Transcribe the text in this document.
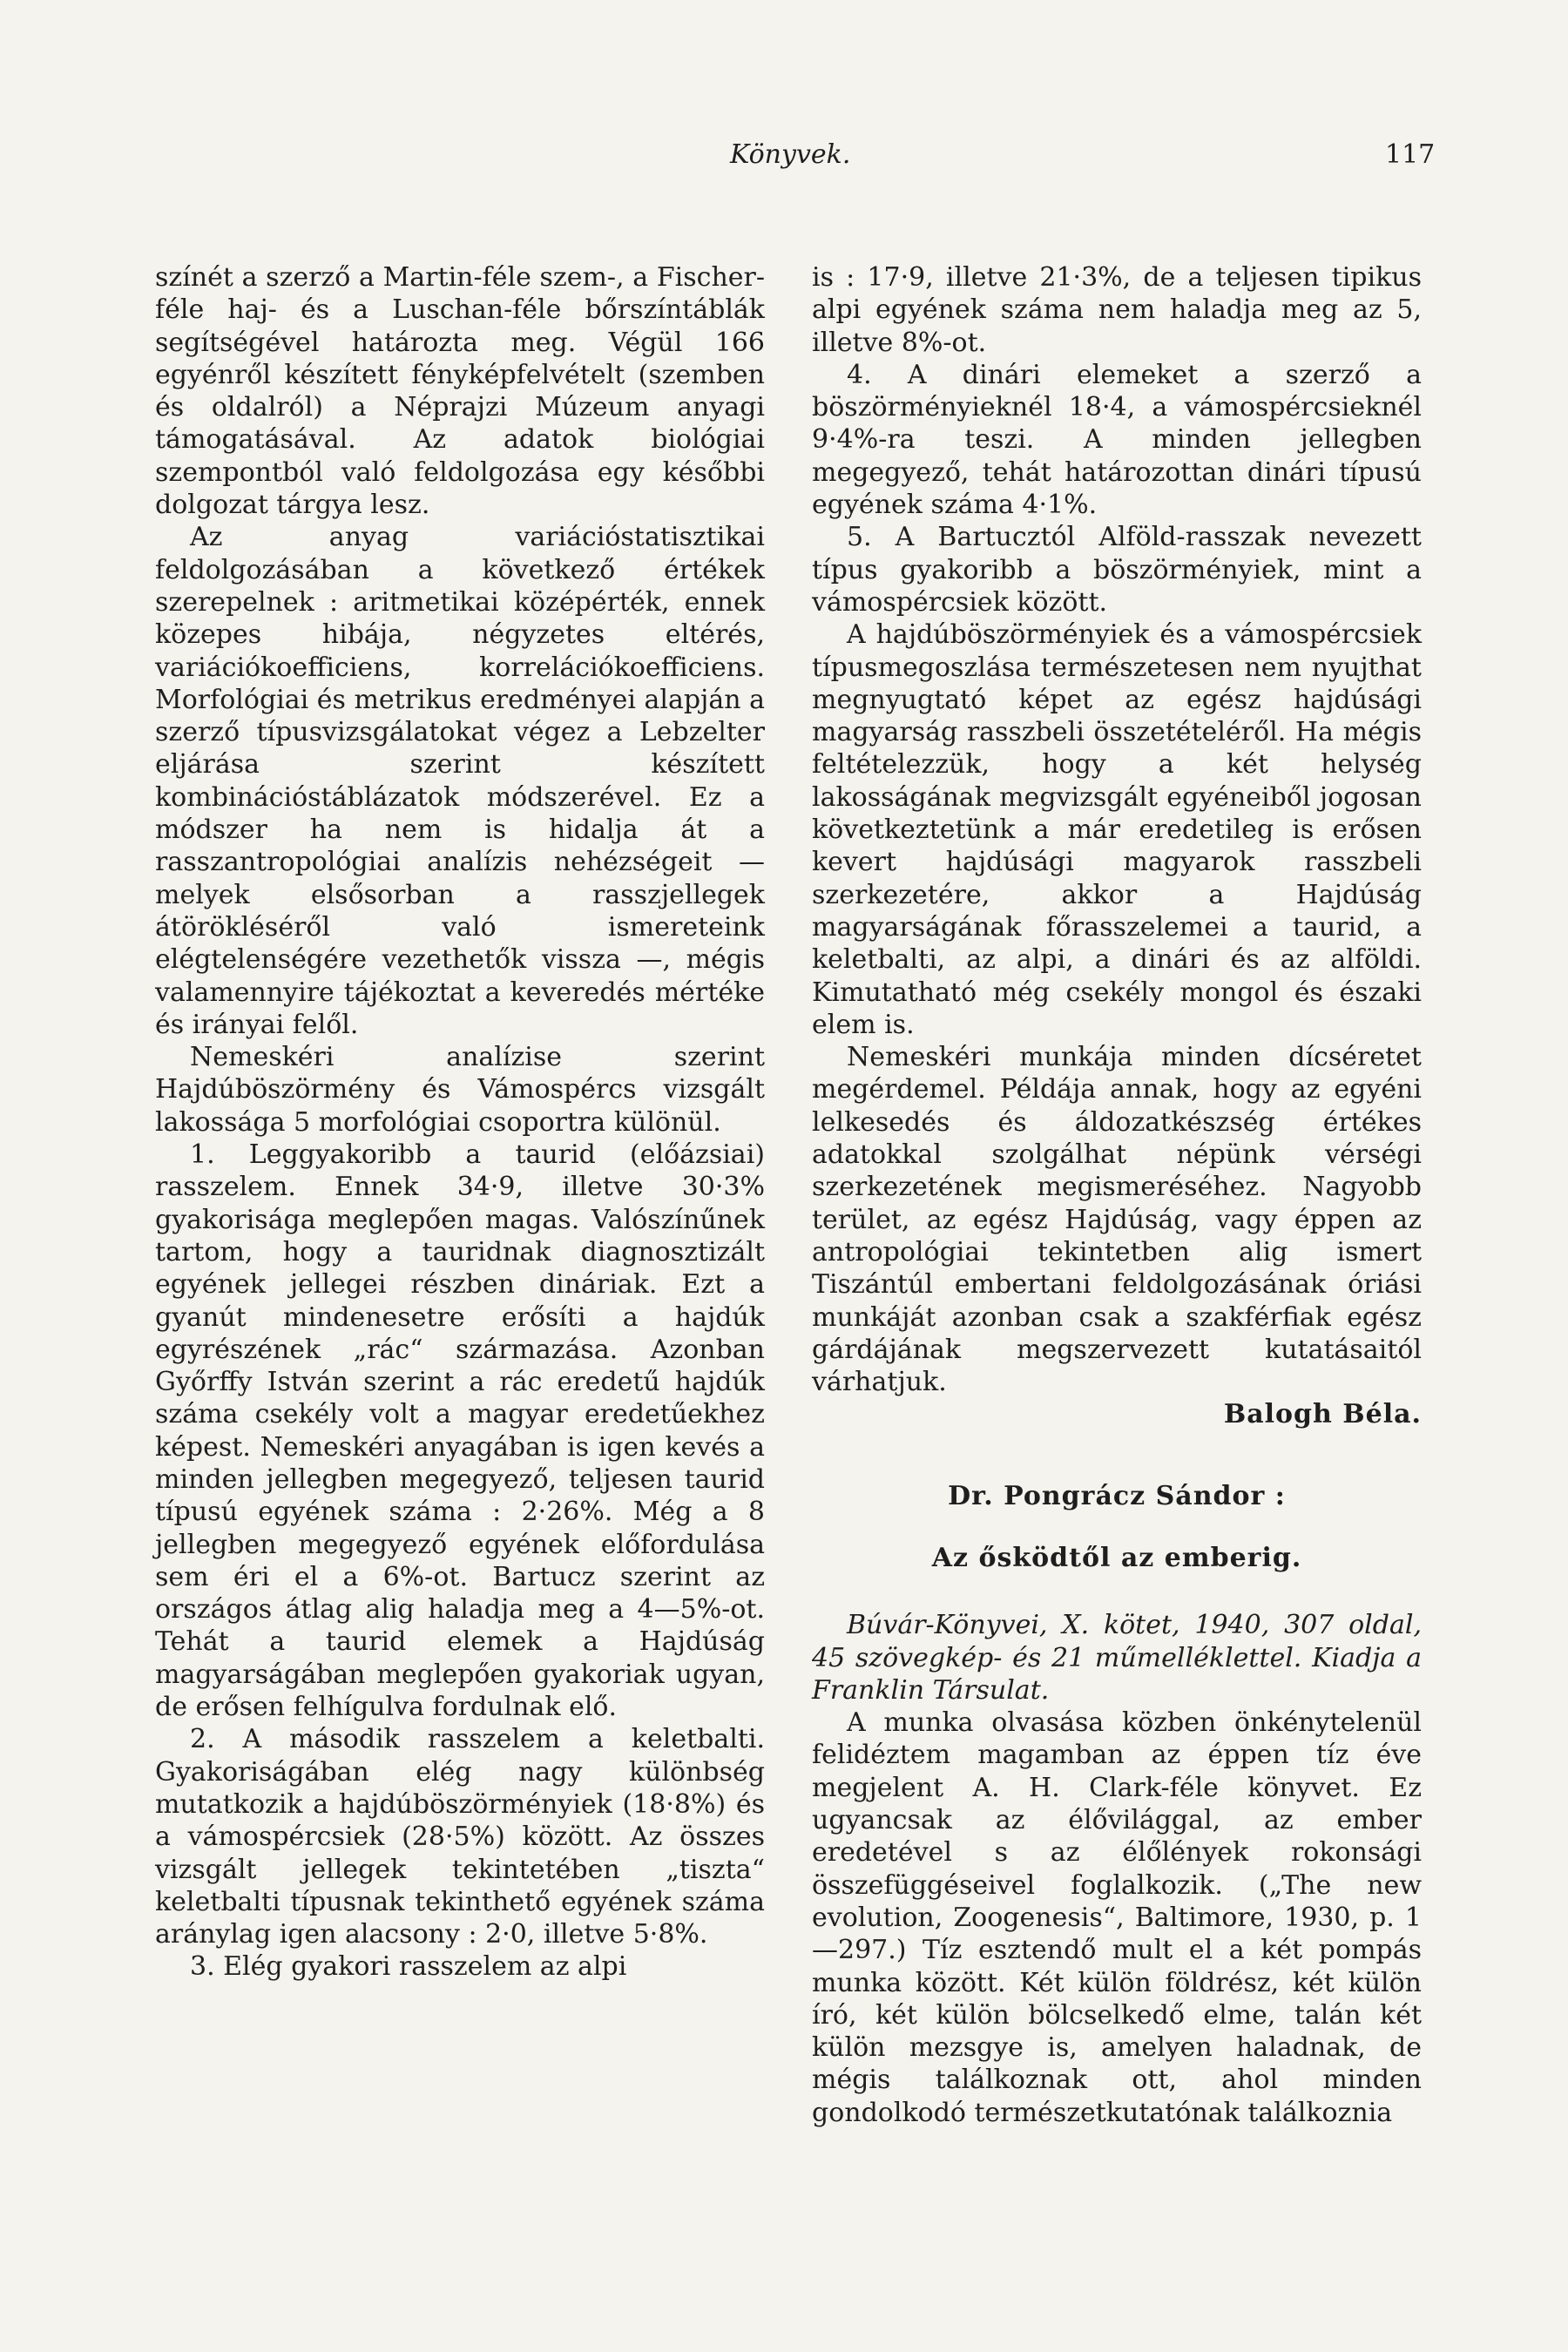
Könyvek.	117

színét a szerző a Martin-féle szem-, a Fischer-féle haj- és a Luschan-féle bőrszíntáblák segítségével határozta meg. Végül 166 egyénről készített fényképfelvételt (szemben és oldalról) a Néprajzi Múzeum anyagi támogatásával. Az adatok biológiai szempontból való feldolgozása egy későbbi dolgozat tárgya lesz.

Az anyag variációstatisztikai feldolgozásában a következő értékek szerepelnek : aritmetikai középérték, ennek közepes hibája, négyzetes eltérés, variációkoefficiens, korrelációkoefficiens. Morfológiai és metrikus eredményei alapján a szerző típusvizsgálatokat végez a Lebzelter eljárása szerint készített kombinációstáblázatok módszerével. Ez a módszer ha nem is hidalja át a rasszantropológiai analízis nehézségeit — melyek elsősorban a rasszjellegek átörökléséről való ismereteink elégtelenségére vezethetők vissza —, mégis valamennyire tájékoztat a keveredés mértéke és irányai felől.

Nemeskéri analízise szerint Hajdúböszörmény és Vámospércs vizsgált lakossága 5 morfológiai csoportra különül.

1. Leggyakoribb a taurid (előázsiai) rasszelem. Ennek 34·9, illetve 30·3% gyakorisága meglepően magas. Valószínűnek tartom, hogy a tauridnak diagnosztizált egyének jellegei részben dináriak. Ezt a gyanút mindenesetre erősíti a hajdúk egyrészének „rác“ származása. Azonban Győrffy István szerint a rác eredetű hajdúk száma csekély volt a magyar eredetűekhez képest. Nemeskéri anyagában is igen kevés a minden jellegben megegyező, teljesen taurid típusú egyének száma : 2·26%. Még a 8 jellegben megegyező egyének előfordulása sem éri el a 6%-ot. Bartucz szerint az országos átlag alig haladja meg a 4—5%-ot. Tehát a taurid elemek a Hajdúság magyarságában meglepően gyakoriak ugyan, de erősen felhígulva fordulnak elő.

2. A második rasszelem a keletbalti. Gyakoriságában elég nagy különbség mutatkozik a hajdúböszörményiek (18·8%) és a vámospércsiek (28·5%) között. Az összes vizsgált jellegek tekintetében „tiszta“ keletbalti típusnak tekinthető egyének száma aránylag igen alacsony : 2·0, illetve 5·8%.

3. Elég gyakori rasszelem az alpi

is : 17·9, illetve 21·3%, de a teljesen tipikus alpi egyének száma nem haladja meg az 5, illetve 8%-ot.

4. A dinári elemeket a szerző a böszörményieknél 18·4, a vámospércsieknél 9·4%-ra teszi. A minden jellegben megegyező, tehát határozottan dinári típusú egyének száma 4·1%.

5. A Bartucztól Alföld-rasszak nevezett típus gyakoribb a böszörményiek, mint a vámospércsiek között.

A hajdúböszörményiek és a vámospércsiek típusmegoszlása természetesen nem nyujthat megnyugtató képet az egész hajdúsági magyarság rasszbeli összetételéről. Ha mégis feltételezzük, hogy a két helység lakosságának megvizsgált egyéneiből jogosan következtetünk a már eredetileg is erősen kevert hajdúsági magyarok rasszbeli szerkezetére, akkor a Hajdúság magyarságának főrasszelemei a taurid, a keletbalti, az alpi, a dinári és az alföldi. Kimutatható még csekély mongol és északi elem is.

Nemeskéri munkája minden dícséretet megérdemel. Példája annak, hogy az egyéni lelkesedés és áldozatkészség értékes adatokkal szolgálhat népünk vérségi szerkezetének megismeréséhez. Nagyobb terület, az egész Hajdúság, vagy éppen az antropológiai tekintetben alig ismert Tiszántúl embertani feldolgozásának óriási munkáját azonban csak a szakférfiak egész gárdájának megszervezett kutatásaitól várhatjuk.

Balogh Béla.

Dr. Pongrácz Sándor :

Az ősködtől az emberig.

Búvár-Könyvei, X. kötet, 1940, 307 oldal, 45 szövegkép- és 21 műmelléklettel. Kiadja a Franklin Társulat.

A munka olvasása közben önkénytelenül felidéztem magamban az éppen tíz éve megjelent A. H. Clark-féle könyvet. Ez ugyancsak az élővilággal, az ember eredetével s az élőlények rokonsági összefüggéseivel foglalkozik. („The new evolution, Zoogenesis“, Baltimore, 1930, p. 1—297.) Tíz esztendő mult el a két pompás munka között. Két külön földrész, két külön író, két külön bölcselkedő elme, talán két külön mezsgye is, amelyen haladnak, de mégis találkoznak ott, ahol minden gondolkodó természetkutatónak találkoznia
